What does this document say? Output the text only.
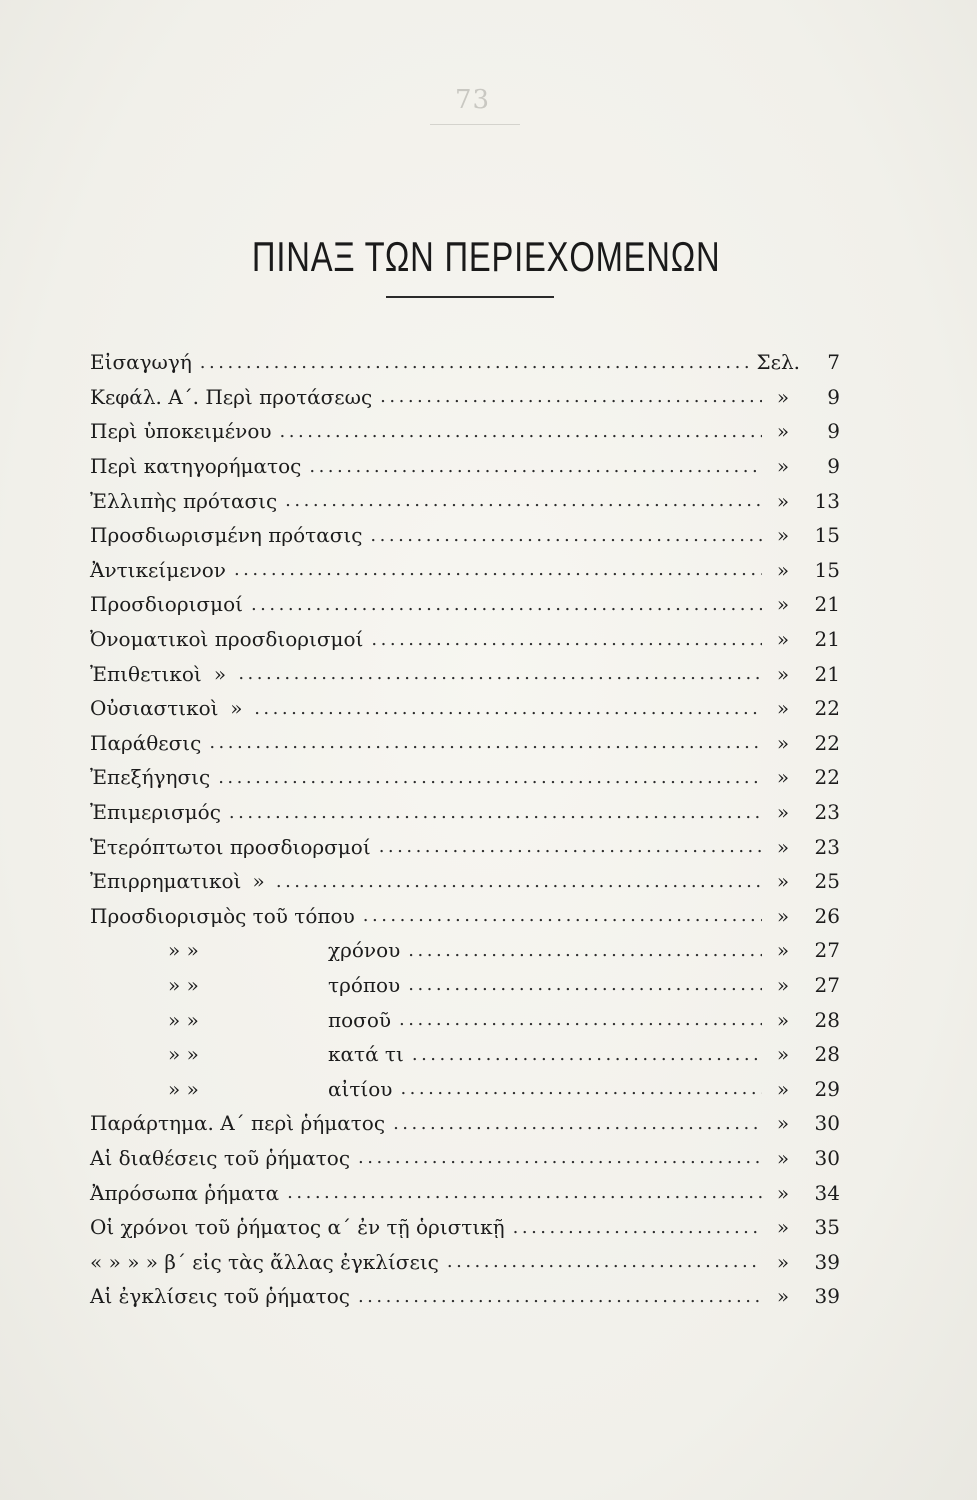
73
ΠΙΝΑΞ ΤΩΝ ΠΕΡΙΕΧΟΜΕΝΩΝ
Εἰσαγωγή .....	Σελ.	7
Κεφάλ. Α΄. Περὶ προτάσεως .....	»	9
Περὶ ὑποκειμένου .....	»	9
Περὶ κατηγορήματος .....	»	9
Ἐλλιπὴς πρότασις .....	»	13
Προσδιωρισμένη πρότασις .....	»	15
Ἀντικείμενον .....	»	15
Προσδιορισμοί .....	»	21
Ὀνοματικοὶ προσδιορισμοί .....	»	21
Ἐπιθετικοὶ » .....	»	21
Οὐσιαστικοὶ » .....	»	22
Παράθεσις .....	»	22
Ἐπεξήγησις .....	»	22
Ἐπιμερισμός .....	»	23
Ἑτερόπτωτοι προσδιορσμοί .....	»	23
Ἐπιρρηματικοὶ » .....	»	25
Προσδιορισμὸς τοῦ τόπου .....	»	26
» »	χρόνου .....	»	27
» »	τρόπου .....	»	27
» »	ποσοῦ .....	»	28
» »	κατά τι .....	»	28
» »	αἰτίου .....	»	29
Παράρτημα. Α΄ περὶ ῥήματος .....	»	30
Αἱ διαθέσεις τοῦ ῥήματος .....	»	30
Ἀπρόσωπα ῥήματα .....	»	34
Οἱ χρόνοι τοῦ ῥήματος α΄ ἐν τῇ ὁριστικῇ .....	»	35
« » » » β΄ εἰς τὰς ἄλλας ἐγκλίσεις .....	»	39
Αἱ ἐγκλίσεις τοῦ ῥήματος .....	»	39
